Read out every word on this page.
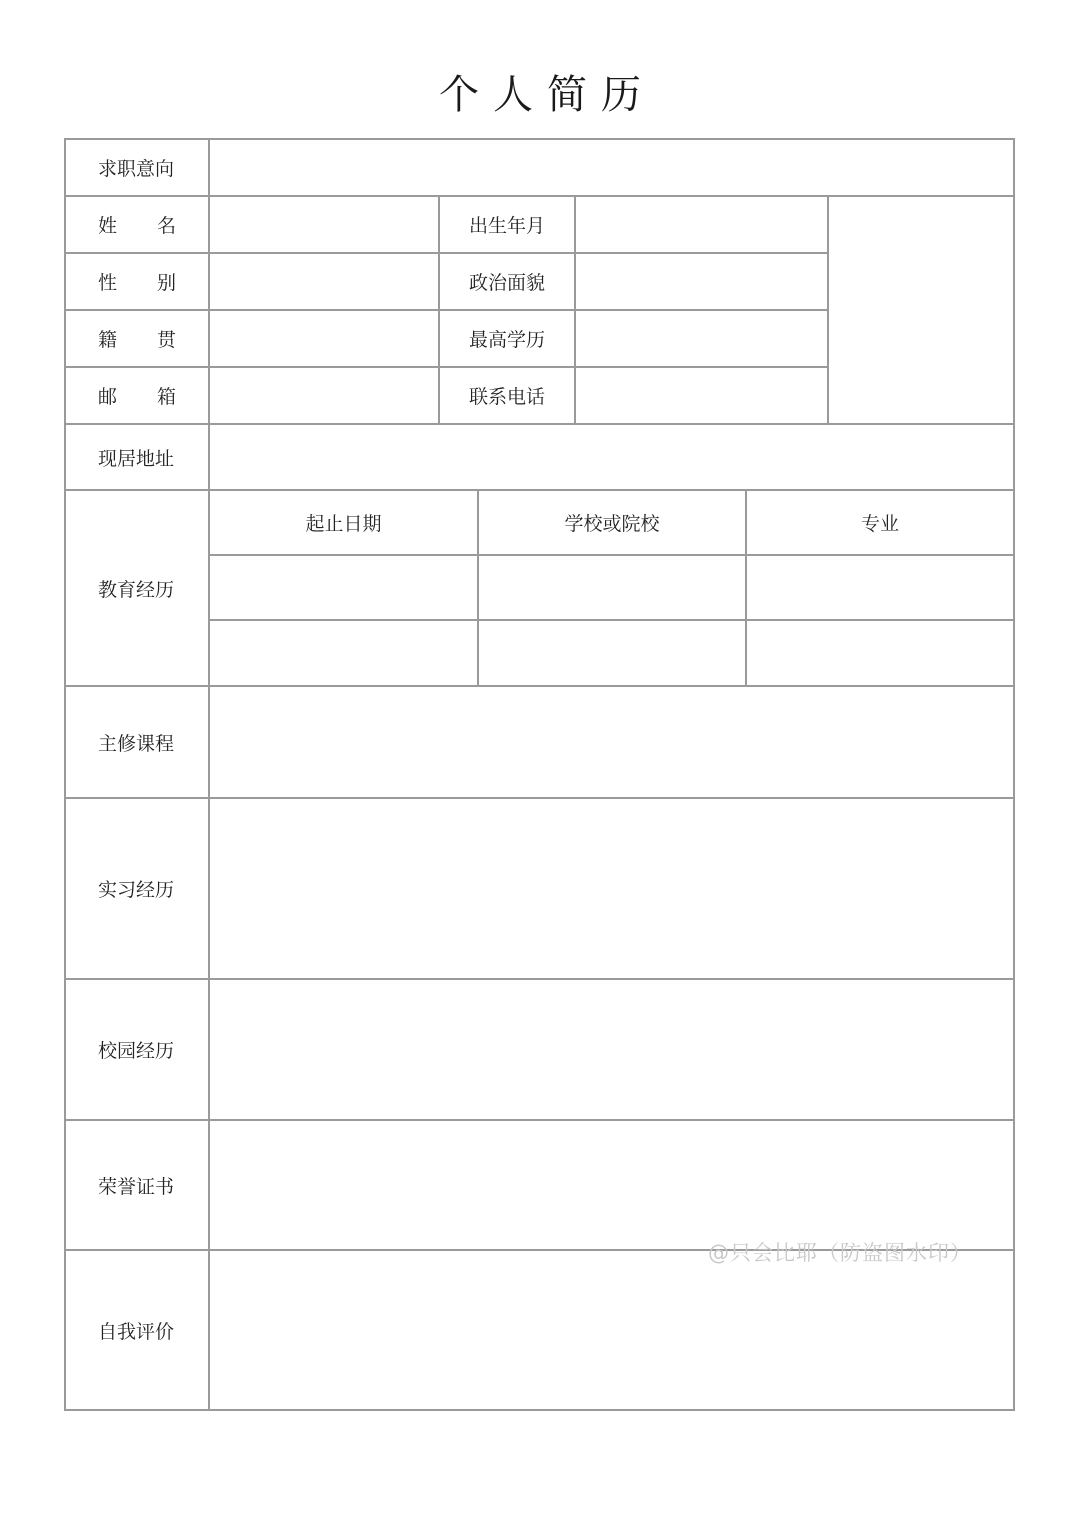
个人简历
求职意向
姓 名
性 别
籍 贯
邮 箱
出生年月
政治面貌
最高学历
联系电话
现居地址
教育经历
起止日期	学校或院校	专业
主修课程
实习经历
校园经历
荣誉证书
自我评价
@只会比耶（防盗图水印）
